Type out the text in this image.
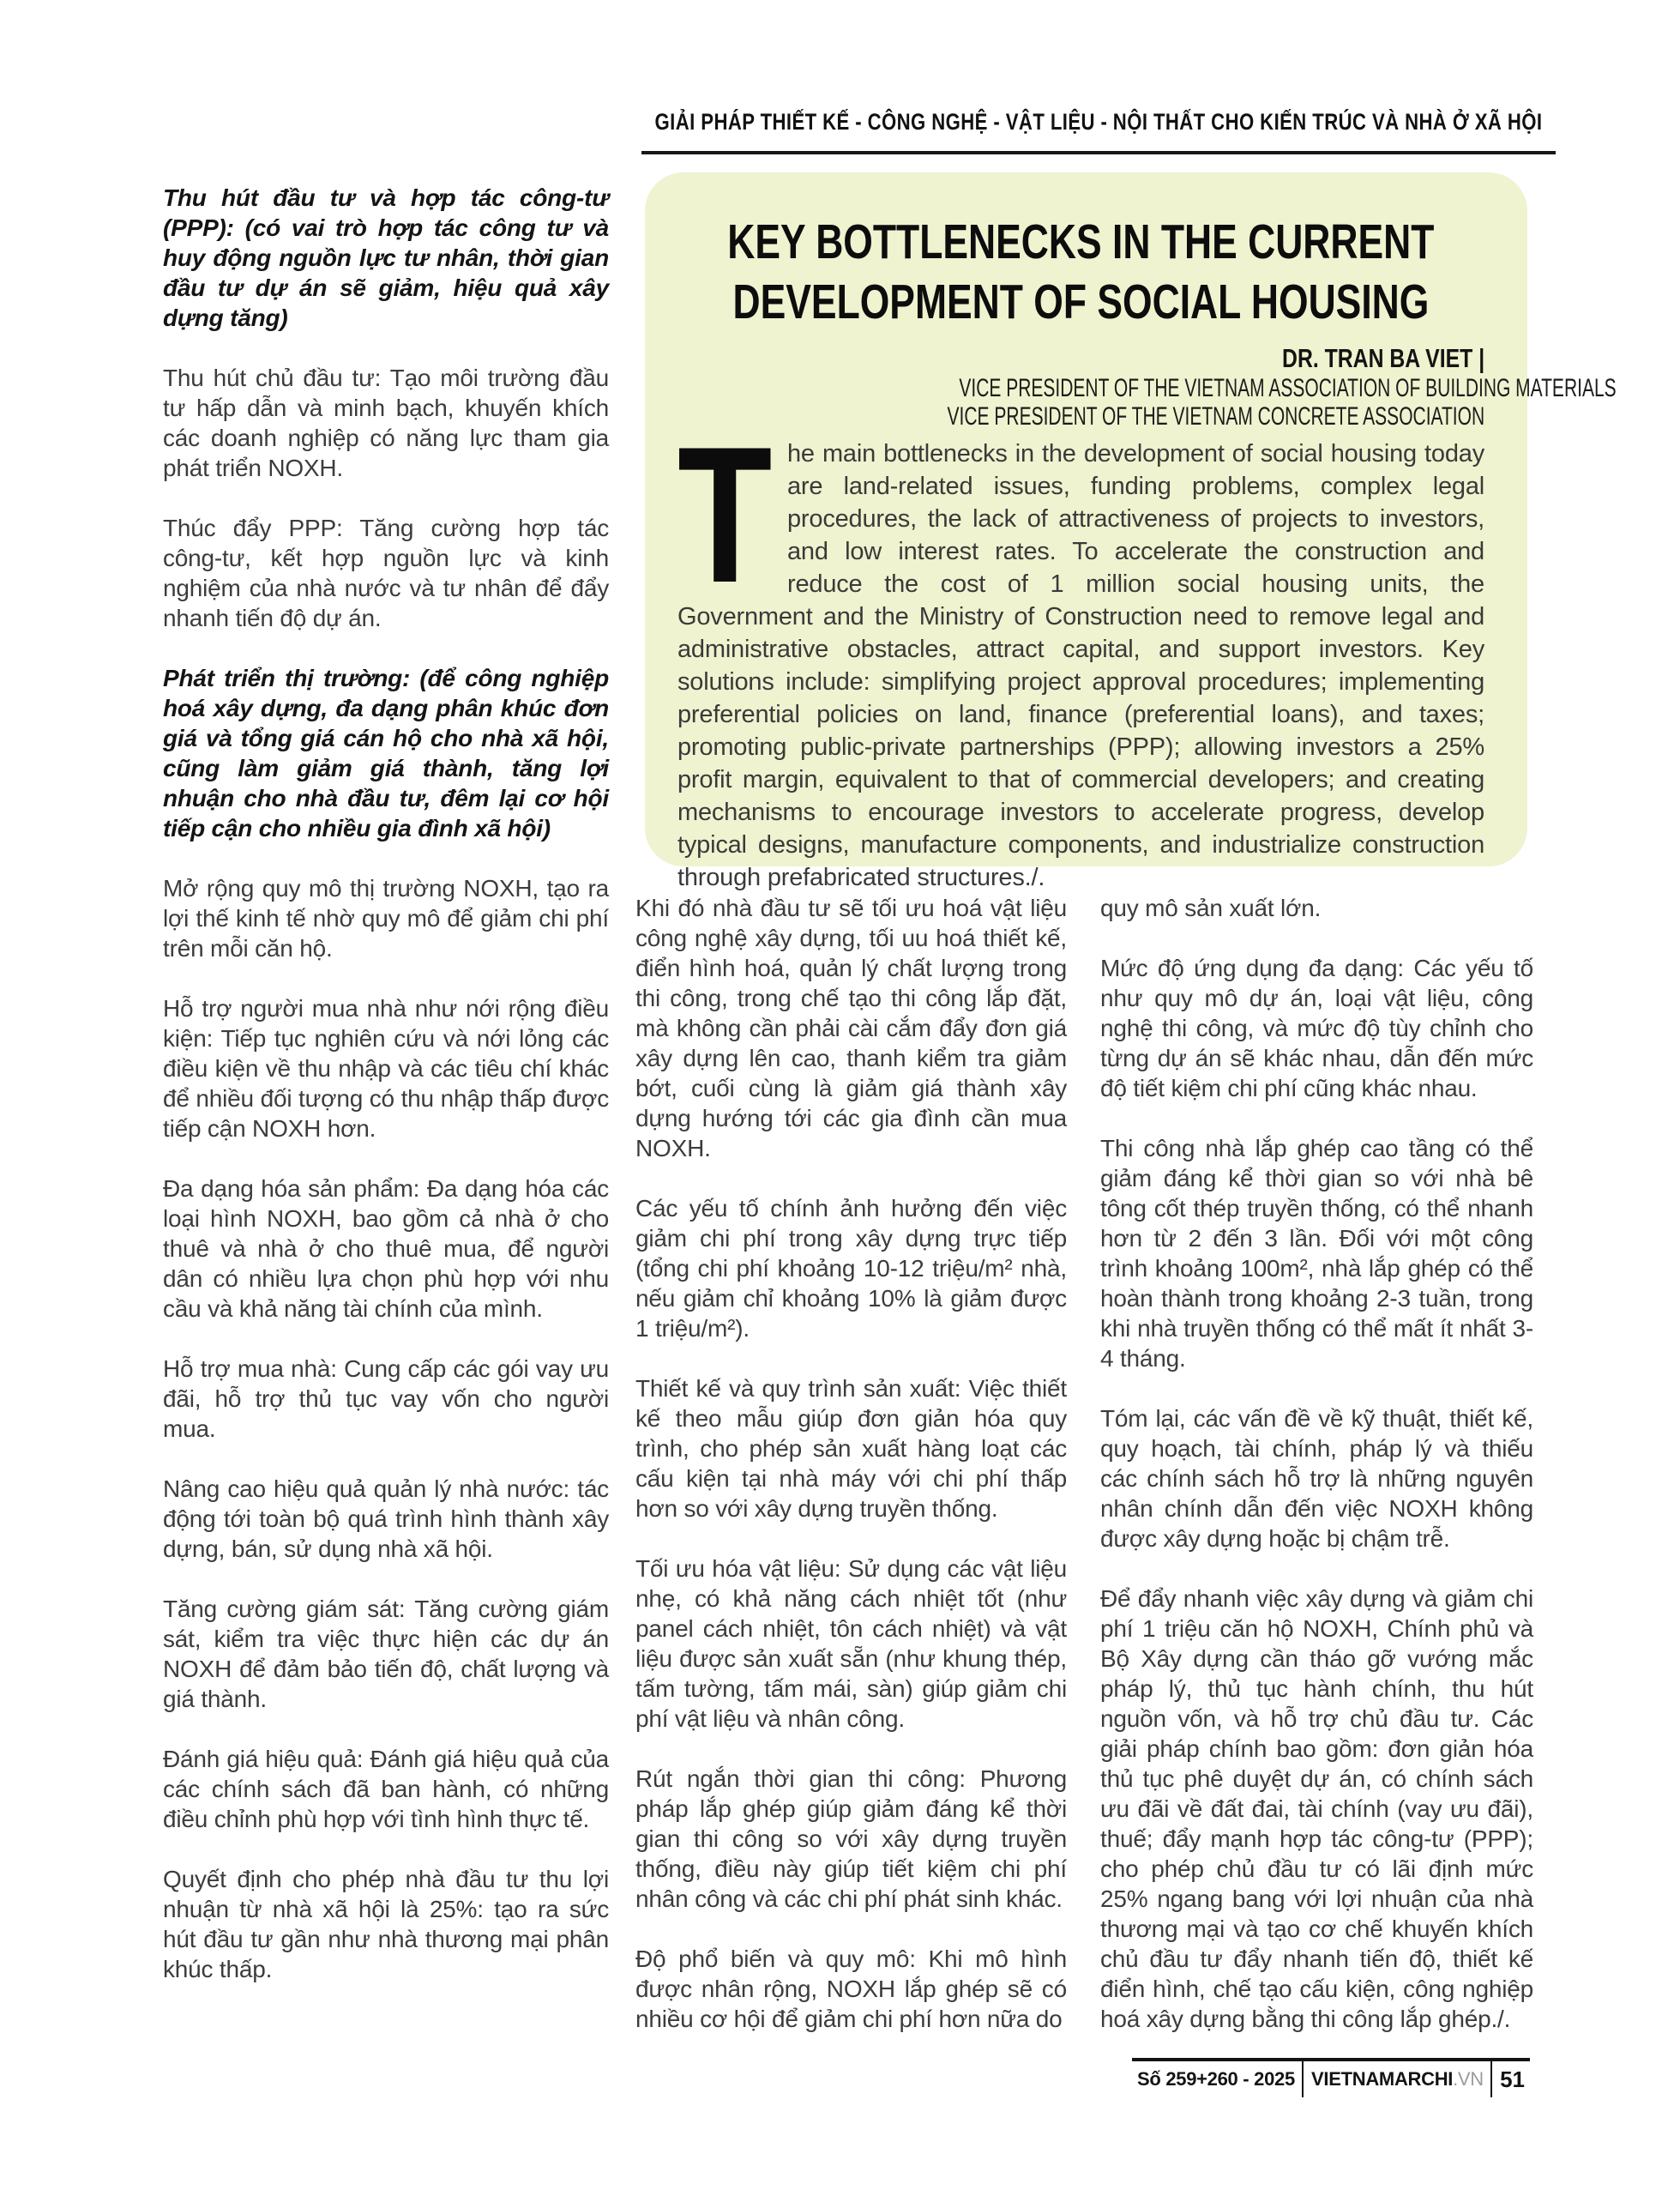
GIẢI PHÁP THIẾT KẾ - CÔNG NGHỆ - VẬT LIỆU - NỘI THẤT CHO KIẾN TRÚC VÀ NHÀ Ở XÃ HỘI

Thu hút đầu tư và hợp tác công-tư (PPP): (có vai trò hợp tác công tư và huy động nguồn lực tư nhân, thời gian đầu tư dự án sẽ giảm, hiệu quả xây dựng tăng)

Thu hút chủ đầu tư: Tạo môi trường đầu tư hấp dẫn và minh bạch, khuyến khích các doanh nghiệp có năng lực tham gia phát triển NOXH.

Thúc đẩy PPP: Tăng cường hợp tác công-tư, kết hợp nguồn lực và kinh nghiệm của nhà nước và tư nhân để đẩy nhanh tiến độ dự án.

Phát triển thị trường: (để công nghiệp hoá xây dựng, đa dạng phân khúc đơn giá và tổng giá cán hộ cho nhà xã hội, cũng làm giảm giá thành, tăng lợi nhuận cho nhà đầu tư, đêm lại cơ hội tiếp cận cho nhiều gia đình xã hội)

Mở rộng quy mô thị trường NOXH, tạo ra lợi thế kinh tế nhờ quy mô để giảm chi phí trên mỗi căn hộ.

Hỗ trợ người mua nhà như nới rộng điều kiện: Tiếp tục nghiên cứu và nới lỏng các điều kiện về thu nhập và các tiêu chí khác để nhiều đối tượng có thu nhập thấp được tiếp cận NOXH hơn.

Đa dạng hóa sản phẩm: Đa dạng hóa các loại hình NOXH, bao gồm cả nhà ở cho thuê và nhà ở cho thuê mua, để người dân có nhiều lựa chọn phù hợp với nhu cầu và khả năng tài chính của mình.

Hỗ trợ mua nhà: Cung cấp các gói vay ưu đãi, hỗ trợ thủ tục vay vốn cho người mua.

Nâng cao hiệu quả quản lý nhà nước: tác động tới toàn bộ quá trình hình thành xây dựng, bán, sử dụng nhà xã hội.

Tăng cường giám sát: Tăng cường giám sát, kiểm tra việc thực hiện các dự án NOXH để đảm bảo tiến độ, chất lượng và giá thành.

Đánh giá hiệu quả: Đánh giá hiệu quả của các chính sách đã ban hành, có những điều chỉnh phù hợp với tình hình thực tế.

Quyết định cho phép nhà đầu tư thu lợi nhuận từ nhà xã hội là 25%: tạo ra sức hút đầu tư gần như nhà thương mại phân khúc thấp.

KEY BOTTLENECKS IN THE CURRENT
DEVELOPMENT OF SOCIAL HOUSING
DR. TRAN BA VIET |
VICE PRESIDENT OF THE VIETNAM ASSOCIATION OF BUILDING MATERIALS
VICE PRESIDENT OF THE VIETNAM CONCRETE ASSOCIATION
T he main bottlenecks in the development of social housing today are land-related issues, funding problems, complex legal procedures, the lack of attractiveness of projects to investors, and low interest rates. To accelerate the construction and reduce the cost of 1 million social housing units, the Government and the Ministry of Construction need to remove legal and administrative obstacles, attract capital, and support investors. Key solutions include: simplifying project approval procedures; implementing preferential policies on land, finance (preferential loans), and taxes; promoting public-private partnerships (PPP); allowing investors a 25% profit margin, equivalent to that of commercial developers; and creating mechanisms to encourage investors to accelerate progress, develop typical designs, manufacture components, and industrialize construction through prefabricated structures./.

Khi đó nhà đầu tư sẽ tối ưu hoá vật liệu công nghệ xây dựng, tối uu hoá thiết kế, điển hình hoá, quản lý chất lượng trong thi công, trong chế tạo thi công lắp đặt, mà không cần phải cài cắm đẩy đơn giá xây dựng lên cao, thanh kiểm tra giảm bớt, cuối cùng là giảm giá thành xây dựng hướng tới các gia đình cần mua NOXH.

Các yếu tố chính ảnh hưởng đến việc giảm chi phí trong xây dựng trực tiếp (tổng chi phí khoảng 10-12 triệu/m² nhà, nếu giảm chỉ khoảng 10% là giảm được 1 triệu/m²).

Thiết kế và quy trình sản xuất: Việc thiết kế theo mẫu giúp đơn giản hóa quy trình, cho phép sản xuất hàng loạt các cấu kiện tại nhà máy với chi phí thấp hơn so với xây dựng truyền thống.

Tối ưu hóa vật liệu: Sử dụng các vật liệu nhẹ, có khả năng cách nhiệt tốt (như panel cách nhiệt, tôn cách nhiệt) và vật liệu được sản xuất sẵn (như khung thép, tấm tường, tấm mái, sàn) giúp giảm chi phí vật liệu và nhân công.

Rút ngắn thời gian thi công: Phương pháp lắp ghép giúp giảm đáng kể thời gian thi công so với xây dựng truyền thống, điều này giúp tiết kiệm chi phí nhân công và các chi phí phát sinh khác.

Độ phổ biến và quy mô: Khi mô hình được nhân rộng, NOXH lắp ghép sẽ có nhiều cơ hội để giảm chi phí hơn nữa do

quy mô sản xuất lớn.

Mức độ ứng dụng đa dạng: Các yếu tố như quy mô dự án, loại vật liệu, công nghệ thi công, và mức độ tùy chỉnh cho từng dự án sẽ khác nhau, dẫn đến mức độ tiết kiệm chi phí cũng khác nhau.

Thi công nhà lắp ghép cao tầng có thể giảm đáng kể thời gian so với nhà bê tông cốt thép truyền thống, có thể nhanh hơn từ 2 đến 3 lần. Đối với một công trình khoảng 100m², nhà lắp ghép có thể hoàn thành trong khoảng 2-3 tuần, trong khi nhà truyền thống có thể mất ít nhất 3-4 tháng.

Tóm lại, các vấn đề về kỹ thuật, thiết kế, quy hoạch, tài chính, pháp lý và thiếu các chính sách hỗ trợ là những nguyên nhân chính dẫn đến việc NOXH không được xây dựng hoặc bị chậm trễ.

Để đẩy nhanh việc xây dựng và giảm chi phí 1 triệu căn hộ NOXH, Chính phủ và Bộ Xây dựng cần tháo gỡ vướng mắc pháp lý, thủ tục hành chính, thu hút nguồn vốn, và hỗ trợ chủ đầu tư. Các giải pháp chính bao gồm: đơn giản hóa thủ tục phê duyệt dự án, có chính sách ưu đãi về đất đai, tài chính (vay ưu đãi), thuế; đẩy mạnh hợp tác công-tư (PPP); cho phép chủ đầu tư có lãi định mức 25% ngang bang với lợi nhuận của nhà thương mại và tạo cơ chế khuyến khích chủ đầu tư đẩy nhanh tiến độ, thiết kế điển hình, chế tạo cấu kiện, công nghiệp hoá xây dựng bằng thi công lắp ghép./.

Số 259+260 - 2025 VIETNAMARCHI.VN 51
